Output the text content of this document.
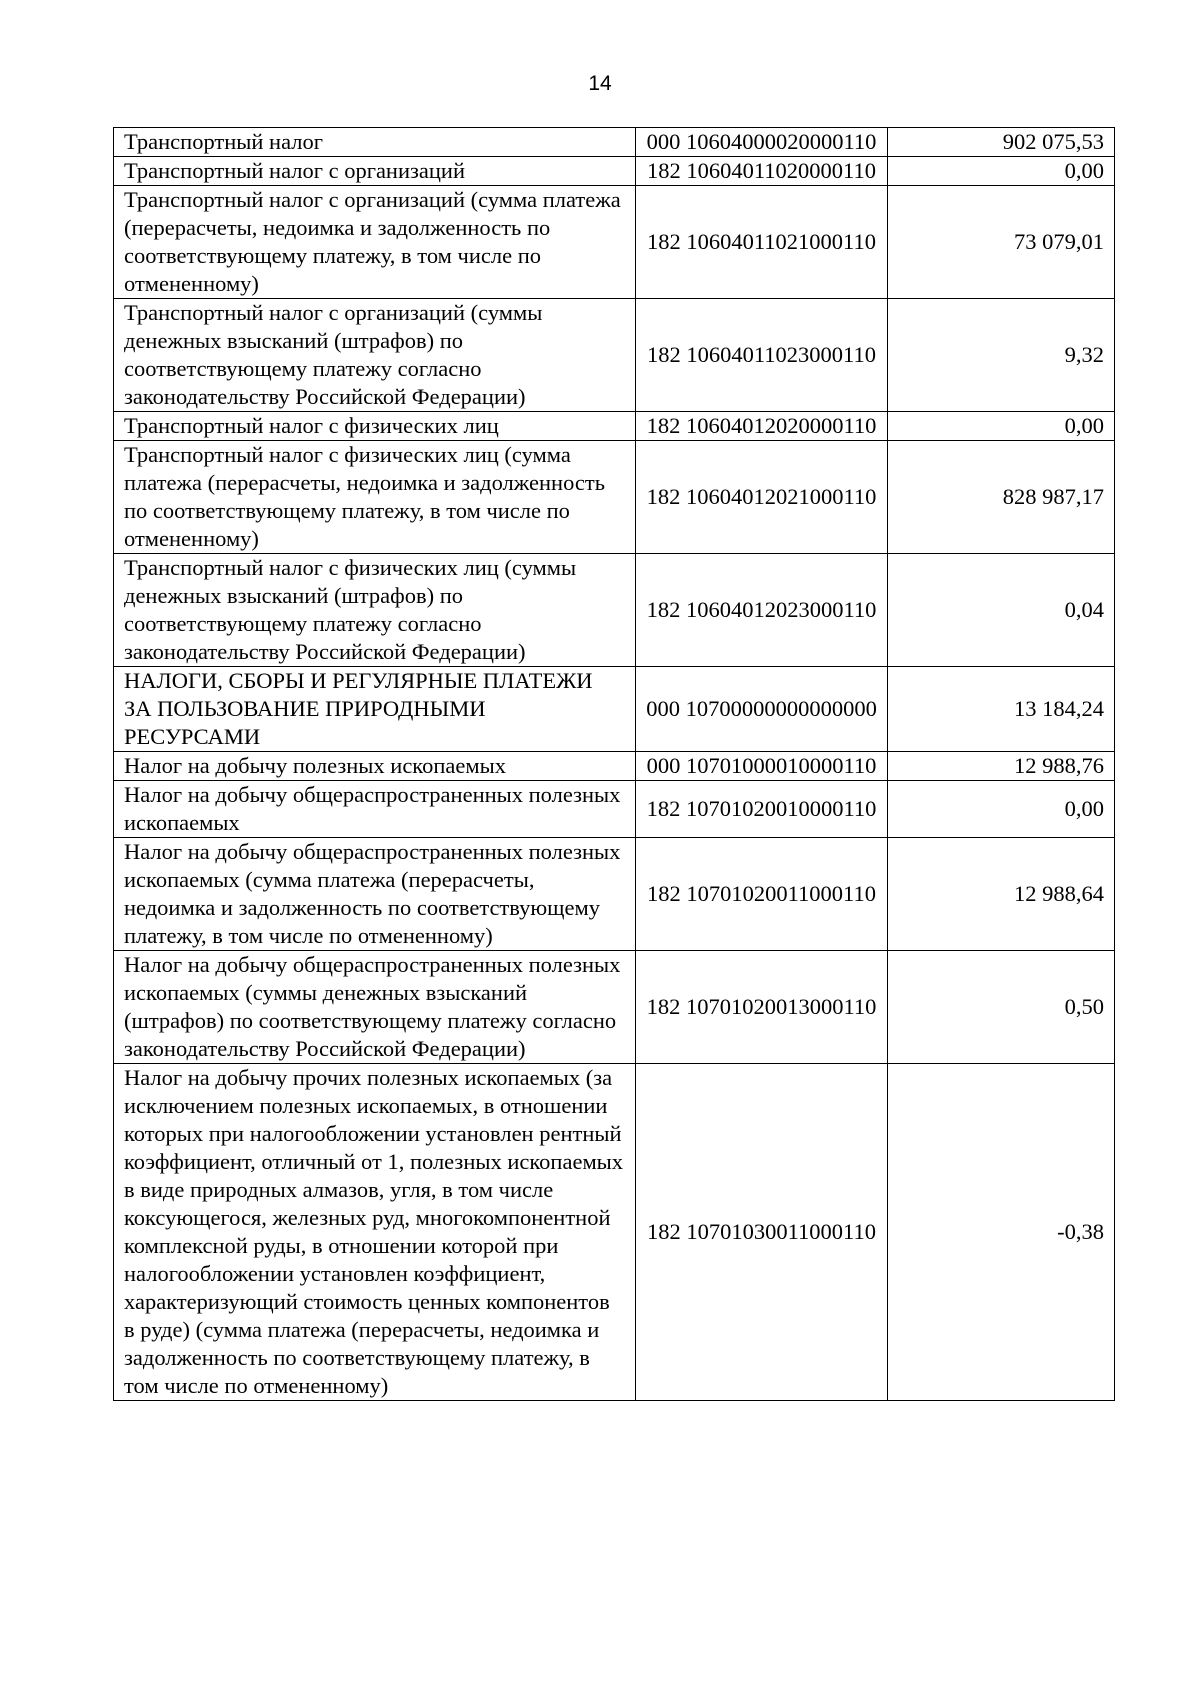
14
Транспортный налог	000 10604000020000110	902 075,53
Транспортный налог с организаций	182 10604011020000110	0,00
Транспортный налог с организаций (сумма платежа (перерасчеты, недоимка и задолженность по соответствующему платежу, в том числе по отмененному)	182 10604011021000110	73 079,01
Транспортный налог с организаций (суммы денежных взысканий (штрафов) по соответствующему платежу согласно законодательству Российской Федерации)	182 10604011023000110	9,32
Транспортный налог с физических лиц	182 10604012020000110	0,00
Транспортный налог с физических лиц (сумма платежа (перерасчеты, недоимка и задолженность по соответствующему платежу, в том числе по отмененному)	182 10604012021000110	828 987,17
Транспортный налог с физических лиц (суммы денежных взысканий (штрафов) по соответствующему платежу согласно законодательству Российской Федерации)	182 10604012023000110	0,04
НАЛОГИ, СБОРЫ И РЕГУЛЯРНЫЕ ПЛАТЕЖИ ЗА ПОЛЬЗОВАНИЕ ПРИРОДНЫМИ РЕСУРСАМИ	000 10700000000000000	13 184,24
Налог на добычу полезных ископаемых	000 10701000010000110	12 988,76
Налог на добычу общераспространенных полезных ископаемых	182 10701020010000110	0,00
Налог на добычу общераспространенных полезных ископаемых (сумма платежа (перерасчеты, недоимка и задолженность по соответствующему платежу, в том числе по отмененному)	182 10701020011000110	12 988,64
Налог на добычу общераспространенных полезных ископаемых (суммы денежных взысканий (штрафов) по соответствующему платежу согласно законодательству Российской Федерации)	182 10701020013000110	0,50
Налог на добычу прочих полезных ископаемых (за исключением полезных ископаемых, в отношении которых при налогообложении установлен рентный коэффициент, отличный от 1, полезных ископаемых в виде природных алмазов, угля, в том числе коксующегося, железных руд, многокомпонентной комплексной руды, в отношении которой при налогообложении установлен коэффициент, характеризующий стоимость ценных компонентов в руде) (сумма платежа (перерасчеты, недоимка и задолженность по соответствующему платежу, в том числе по отмененному)	182 10701030011000110	-0,38
